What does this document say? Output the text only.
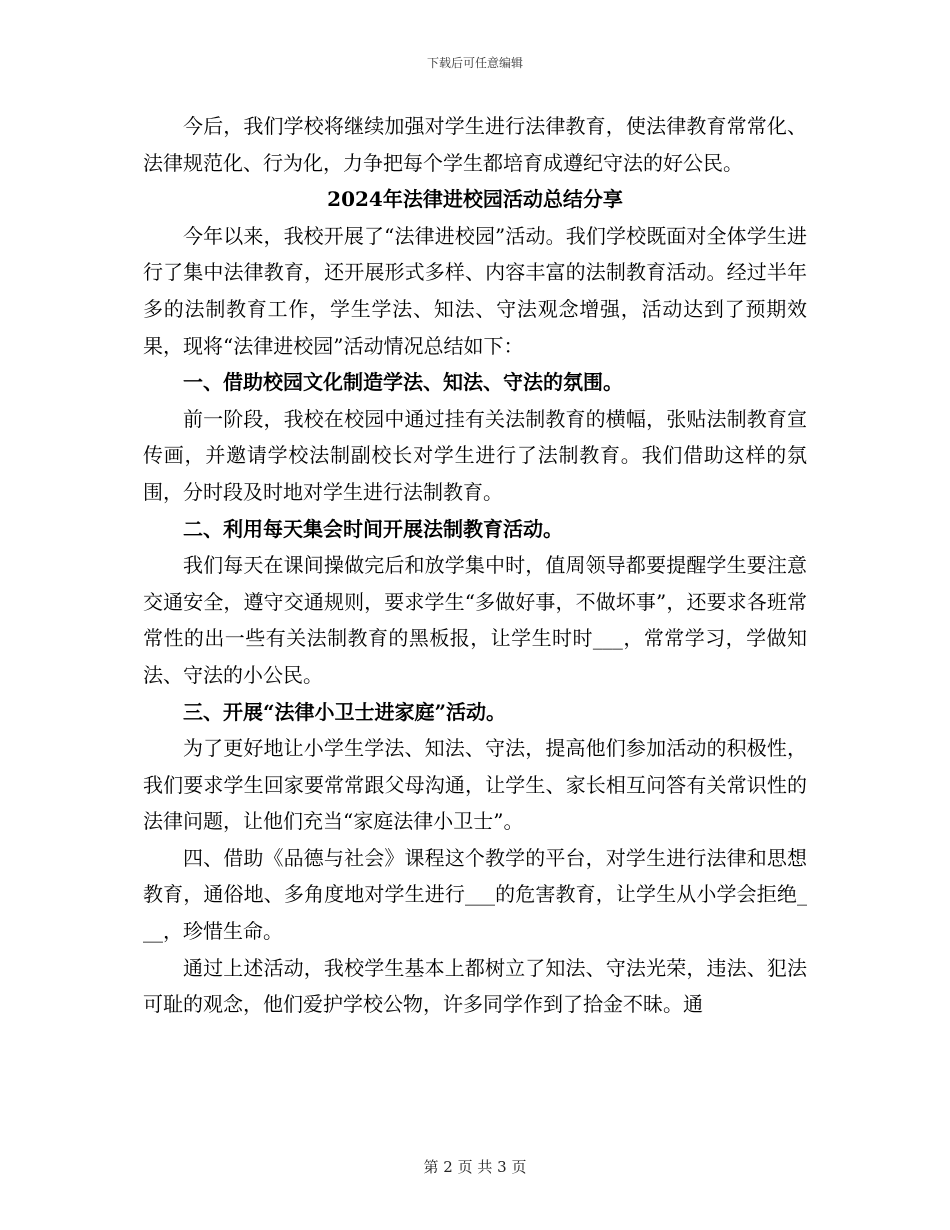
下载后可任意编辑

今后，我们学校将继续加强对学生进行法律教育，使法律教育常常化、法律规范化、行为化，力争把每个学生都培育成遵纪守法的好公民。

2024年法律进校园活动总结分享

今年以来，我校开展了“法律进校园”活动。我们学校既面对全体学生进行了集中法律教育，还开展形式多样、内容丰富的法制教育活动。经过半年多的法制教育工作，学生学法、知法、守法观念增强，活动达到了预期效果，现将“法律进校园”活动情况总结如下：

一、借助校园文化制造学法、知法、守法的氛围。

前一阶段，我校在校园中通过挂有关法制教育的横幅，张贴法制教育宣传画，并邀请学校法制副校长对学生进行了法制教育。我们借助这样的氛围，分时段及时地对学生进行法制教育。

二、利用每天集会时间开展法制教育活动。

我们每天在课间操做完后和放学集中时，值周领导都要提醒学生要注意交通安全，遵守交通规则，要求学生“多做好事，不做坏事”，还要求各班常常性的出一些有关法制教育的黑板报，让学生时时___，常常学习，学做知法、守法的小公民。

三、开展“法律小卫士进家庭”活动。

为了更好地让小学生学法、知法、守法，提高他们参加活动的积极性，我们要求学生回家要常常跟父母沟通，让学生、家长相互问答有关常识性的法律问题，让他们充当“家庭法律小卫士”。

四、借助《品德与社会》课程这个教学的平台，对学生进行法律和思想教育，通俗地、多角度地对学生进行___的危害教育，让学生从小学会拒绝___，珍惜生命。

通过上述活动，我校学生基本上都树立了知法、守法光荣，违法、犯法可耻的观念，他们爱护学校公物，许多同学作到了拾金不昧。通

第 2 页 共 3 页
